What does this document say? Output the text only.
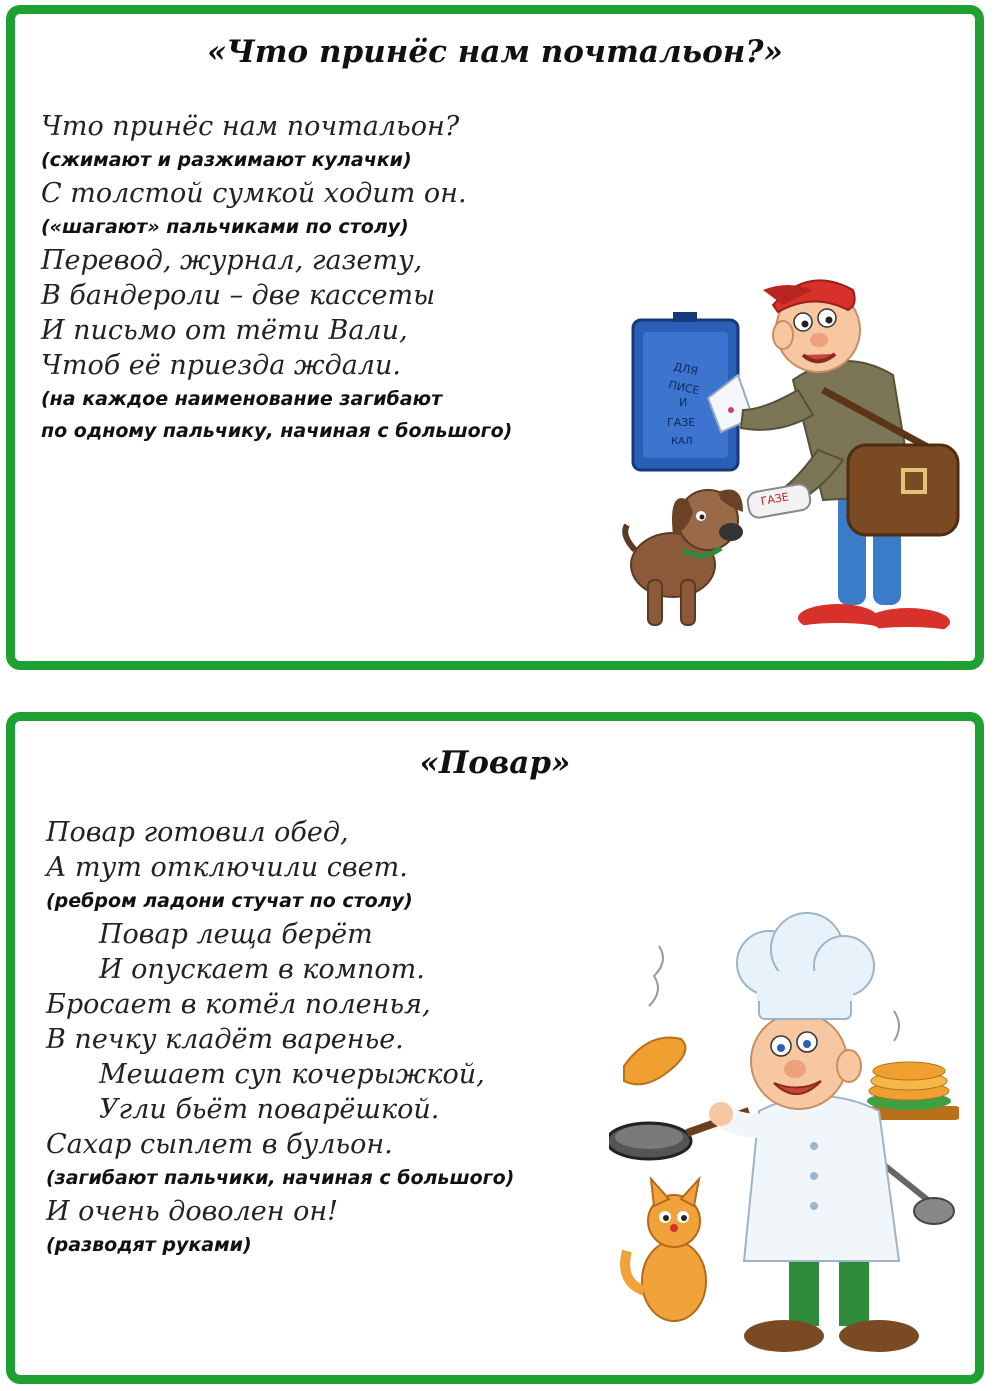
«Что принёс нам почтальон?»

Что принёс нам почтальон?

(сжимают и разжимают кулачки)

С толстой сумкой ходит он.

(«шагают» пальчиками по столу)

Перевод, журнал, газету,

В бандероли – две кассеты

И письмо от тёти Вали,

Чтоб её приезда ждали.

(на каждое наименование загибают

по одному пальчику, начиная с большого)

ДЛЯ
ПИСЕ
И
ГАЗЕ
КАЛ
ГАЗЕ
«Повар»

Повар готовил обед,

А тут отключили свет.

(ребром ладони стучат по столу)

Повар леща берёт

И опускает в компот.

Бросает в котёл поленья,

В печку кладёт варенье.

Мешает суп кочерыжкой,

Угли бьёт поварёшкой.

Сахар сыплет в бульон.

(загибают пальчики, начиная с большого)

И очень доволен он!

(разводят руками)
